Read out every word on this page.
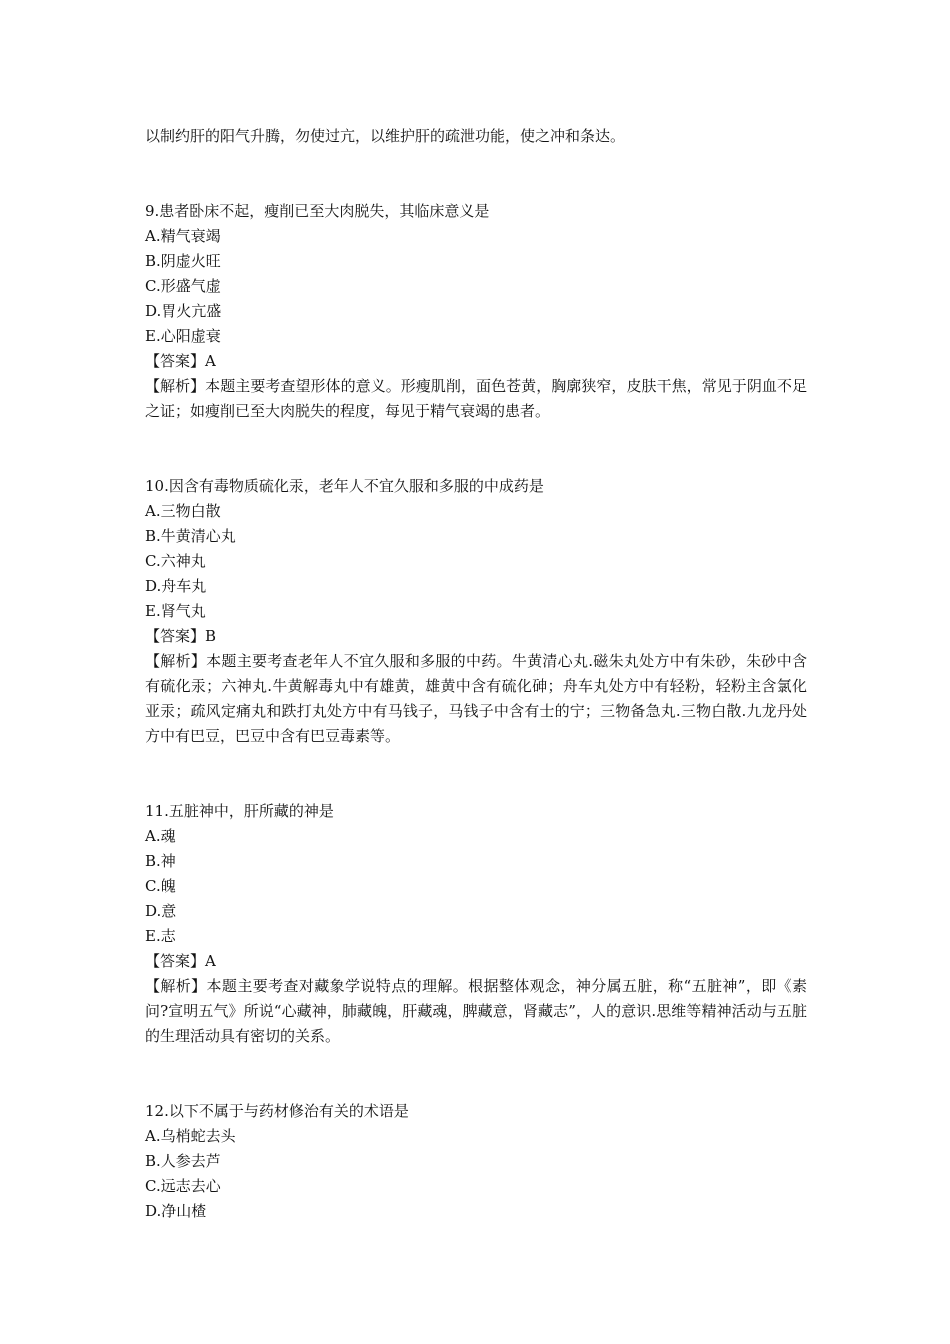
以制约肝的阳气升腾，勿使过亢，以维护肝的疏泄功能，使之冲和条达。

9.患者卧床不起，瘦削已至大肉脱失，其临床意义是

A.精气衰竭

B.阴虚火旺

C.形盛气虚

D.胃火亢盛

E.心阳虚衰

【答案】A

【解析】本题主要考查望形体的意义。形瘦肌削，面色苍黄，胸廓狭窄，皮肤干焦，常见于阴血不足之证；如瘦削已至大肉脱失的程度，每见于精气衰竭的患者。

10.因含有毒物质硫化汞，老年人不宜久服和多服的中成药是

A.三物白散

B.牛黄清心丸

C.六神丸

D.舟车丸

E.肾气丸

【答案】B

【解析】本题主要考查老年人不宜久服和多服的中药。牛黄清心丸.磁朱丸处方中有朱砂，朱砂中含有硫化汞；六神丸.牛黄解毒丸中有雄黄，雄黄中含有硫化砷；舟车丸处方中有轻粉，轻粉主含氯化亚汞；疏风定痛丸和跌打丸处方中有马钱子，马钱子中含有士的宁；三物备急丸.三物白散.九龙丹处方中有巴豆，巴豆中含有巴豆毒素等。

11.五脏神中，肝所藏的神是

A.魂

B.神

C.魄

D.意

E.志

【答案】A

【解析】本题主要考查对藏象学说特点的理解。根据整体观念，神分属五脏，称“五脏神”，即《素问?宣明五气》所说“心藏神，肺藏魄，肝藏魂，脾藏意，肾藏志”，人的意识.思维等精神活动与五脏的生理活动具有密切的关系。

12.以下不属于与药材修治有关的术语是

A.乌梢蛇去头

B.人参去芦

C.远志去心

D.净山楂
